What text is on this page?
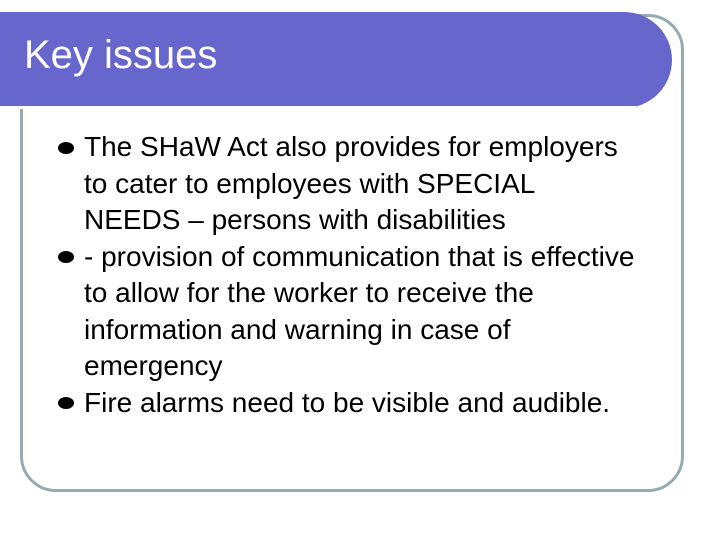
Key issues
The SHaW Act also provides for employers to cater to employees with SPECIAL NEEDS – persons with disabilities
- provision of communication that is effective to allow for the worker to receive the information and warning in case of emergency
Fire alarms need to be visible and audible.
